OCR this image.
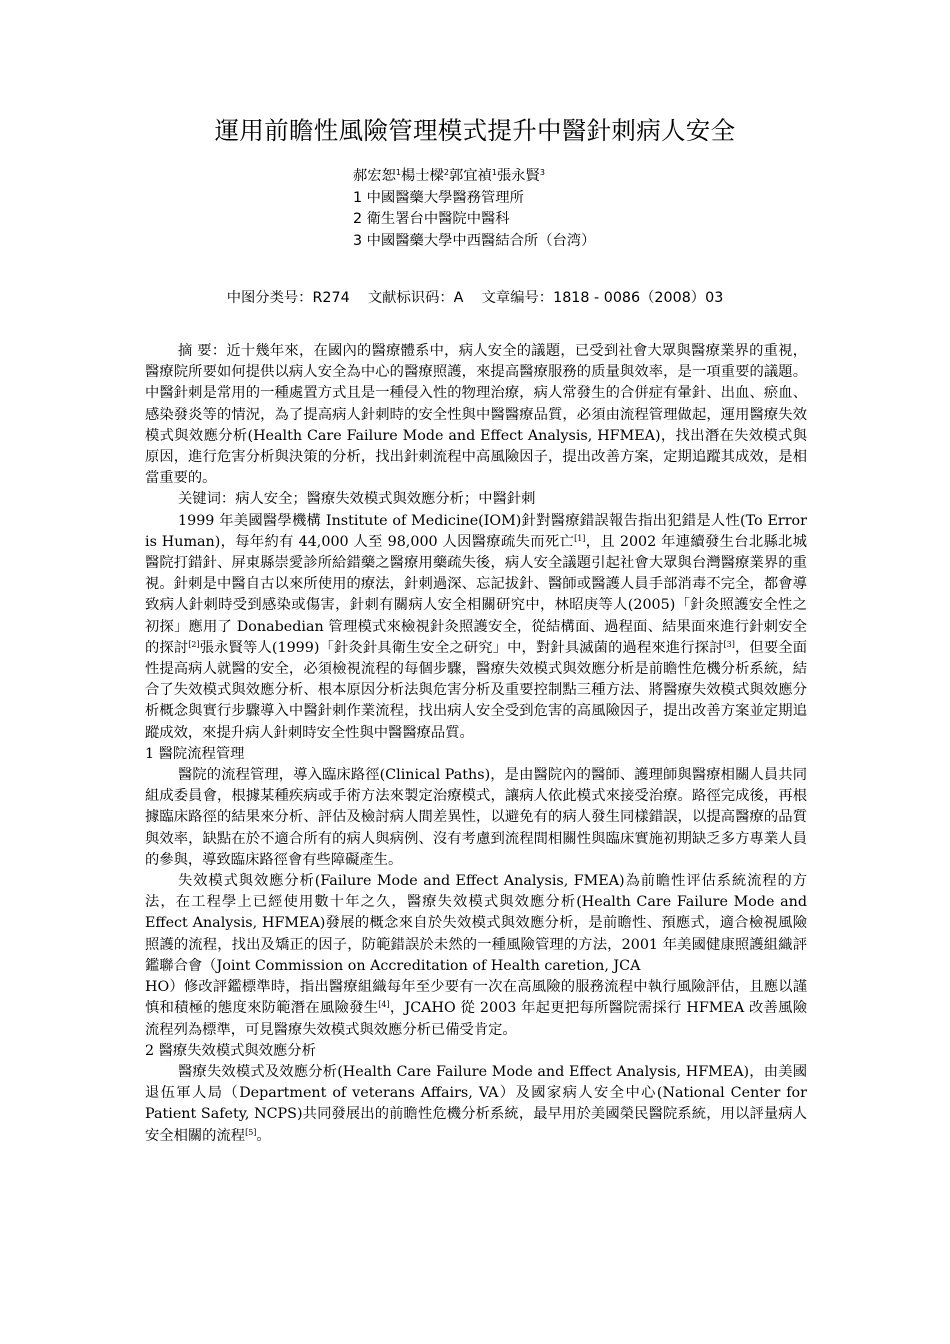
運用前瞻性風險管理模式提升中醫針刺病人安全
郝宏恕$^1$楊士樑$^2$郭宜禎$^1$張永賢$^3$
1 中國醫藥大學醫務管理所
2 衛生署台中醫院中醫科
3 中國醫藥大學中西醫結合所（台湾）
中图分类号：R274    文献标识码：A    文章编号：1818 - 0086（2008）03

摘 要：近十幾年來，在國內的醫療體系中，病人安全的議題，已受到社會大眾與醫療業界的重視，醫療院所要如何提供以病人安全為中心的醫療照護，來提高醫療服務的质量與效率，是一項重要的議題。中醫針刺是常用的一種處置方式且是一種侵入性的物理治療，病人常發生的合併症有暈針、出血、瘀血、感染發炎等的情況，為了提高病人針刺時的安全性與中醫醫療品質，必須由流程管理做起，運用醫療失效模式與效應分析(Health Care Failure Mode and Effect Analysis, HFMEA)，找出潛在失效模式與原因，進行危害分析與決策的分析，找出針刺流程中高風險因子，提出改善方案，定期追蹤其成效，是相當重要的。

关键词：病人安全；醫療失效模式與效應分析；中醫針刺

1999 年美國醫學機構 Institute of Medicine(IOM)針對醫療錯誤報告指出犯錯是人性(To Error is Human)，每年約有 44,000 人至 98,000 人因醫療疏失而死亡[1]，且 2002 年連續發生台北縣北城醫院打錯針、屏東縣崇愛診所給錯藥之醫療用藥疏失後，病人安全議題引起社會大眾與台灣醫療業界的重視。針刺是中醫自古以來所使用的療法，針刺過深、忘記拔針、醫師或醫護人員手部消毒不完全，都會導致病人針刺時受到感染或傷害，針刺有關病人安全相關研究中，林昭庚等人(2005)「針灸照護安全性之初探」應用了 Donabedian 管理模式來檢視針灸照護安全，從結構面、過程面、結果面來進行針刺安全的探討[2]張永賢等人(1999)「針灸針具衛生安全之研究」中，對針具滅菌的過程來進行探討[3]，但要全面性提高病人就醫的安全，必須檢視流程的每個步驟，醫療失效模式與效應分析是前瞻性危機分析系統，結合了失效模式與效應分析、根本原因分析法與危害分析及重要控制點三種方法、將醫療失效模式與效應分析概念與實行步驟導入中醫針刺作業流程，找出病人安全受到危害的高風險因子，提出改善方案並定期追蹤成效，來提升病人針刺時安全性與中醫醫療品質。

1 醫院流程管理

醫院的流程管理，導入臨床路徑(Clinical Paths)，是由醫院內的醫師、護理師與醫療相關人員共同組成委員會，根據某種疾病或手術方法來製定治療模式，讓病人依此模式來接受治療。路徑完成後，再根據臨床路徑的結果來分析、評估及檢討病人間差異性，以避免有的病人發生同樣錯誤，以提高醫療的品質與效率，缺點在於不適合所有的病人與病例、沒有考慮到流程間相關性與臨床實施初期缺乏多方專業人員的參與，導致臨床路徑會有些障礙產生。

失效模式與效應分析(Failure Mode and Effect Analysis, FMEA)為前瞻性评估系統流程的方法，在工程學上已經使用數十年之久，醫療失效模式與效應分析(Health Care Failure Mode and Effect Analysis, HFMEA)發展的概念來自於失效模式與效應分析，是前瞻性、預應式，適合檢視風險照護的流程，找出及矯正的因子，防範錯誤於未然的一種風險管理的方法，2001 年美國健康照護組織評鑑聯合會（Joint Commission on Accreditation of Health caretion, JCA

HO）修改評鑑標準時，指出醫療組織每年至少要有一次在高風險的服務流程中執行風險評估，且應以謹慎和積極的態度來防範潛在風險發生[4]，JCAHO 從 2003 年起更把每所醫院需採行 HFMEA 改善風險流程列為標準，可見醫療失效模式與效應分析已備受肯定。

2 醫療失效模式與效應分析

醫療失效模式及效應分析(Health Care Failure Mode and Effect Analysis, HFMEA)，由美國退伍軍人局（Department of veterans Affairs, VA）及國家病人安全中心(National Center for Patient Safety, NCPS)共同發展出的前瞻性危機分析系統，最早用於美國榮民醫院系統，用以評量病人安全相關的流程[5]。
